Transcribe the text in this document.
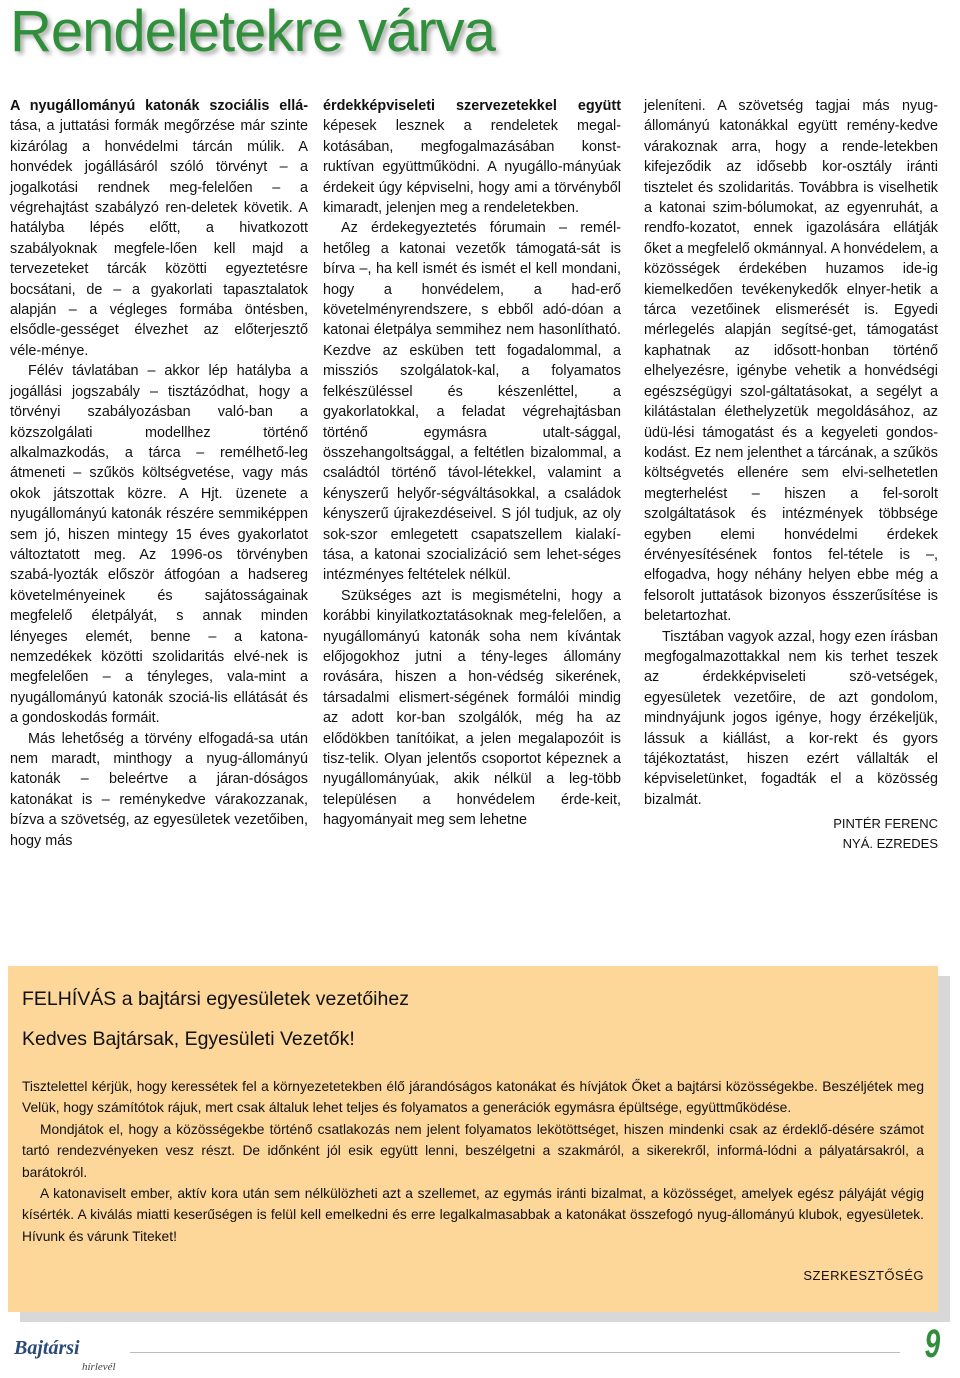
Rendeletekre várva

A nyugállományú katonák szociális ellá- tása, a juttatási formák megőrzése már szinte kizárólag a honvédelmi tárcán múlik. A honvédek jogállásáról szóló törvényt – a jogalkotási rendnek meg-felelően – a végrehajtást szabályzó ren-deletek követik. A hatályba lépés előtt, a hivatkozott szabályoknak megfele-lően kell majd a tervezeteket tárcák közötti egyeztetésre bocsátani, de – a gyakorlati tapasztalatok alapján – a végleges formába öntésben, elsődle-gességet élvezhet az előterjesztő véle-ménye.

Félév távlatában – akkor lép hatályba a jogállási jogszabály – tisztázódhat, hogy a törvényi szabályozásban való-ban a közszolgálati modellhez történő alkalmazkodás, a tárca – remélhető-leg átmeneti – szűkös költségvetése, vagy más okok játszottak közre. A Hjt. üzenete a nyugállományú katonák részére semmiképpen sem jó, hiszen mintegy 15 éves gyakorlatot változtatott meg. Az 1996-os törvényben szabá-lyozták először átfogóan a hadsereg követelményeinek és sajátosságainak megfelelő életpályát, s annak minden lényeges elemét, benne – a katona-nemzedékek közötti szolidaritás elvé-nek is megfelelően – a tényleges, vala-mint a nyugállományú katonák szociá-lis ellátását és a gondoskodás formáit.

Más lehetőség a törvény elfogadá-sa után nem maradt, minthogy a nyug-állományú katonák – beleértve a járan-dóságos katonákat is – reménykedve várakozzanak, bízva a szövetség, az egyesületek vezetőiben, hogy más

érdekképviseleti szervezetekkel együtt képesek lesznek a rendeletek megal-kotásában, megfogalmazásában konst-ruktívan együttműködni. A nyugállo-mányúak érdekeit úgy képviselni, hogy ami a törvényből kimaradt, jelenjen meg a rendeletekben.

Az érdekegyeztetés fórumain – remél-hetőleg a katonai vezetők támogatá-sát is bírva –, ha kell ismét és ismét el kell mondani, hogy a honvédelem, a had-erő követelményrendszere, s ebből adó-dóan a katonai életpálya semmihez nem hasonlítható. Kezdve az esküben tett fogadalommal, a missziós szolgálatok-kal, a folyamatos felkészüléssel és készenléttel, a gyakorlatokkal, a feladat végrehajtásban történő egymásra utalt-sággal, összehangoltsággal, a feltétlen bizalommal, a családtól történő távol-létekkel, valamint a kényszerű helyőr-ségváltásokkal, a családok kényszerű újrakezdéseivel. S jól tudjuk, az oly sok-szor emlegetett csapatszellem kialakí-tása, a katonai szocializáció sem lehet-séges intézményes feltételek nélkül.

Szükséges azt is megismételni, hogy a korábbi kinyilatkoztatásoknak meg-felelően, a nyugállományú katonák soha nem kívántak előjogokhoz jutni a tény-leges állomány rovására, hiszen a hon-védség sikerének, társadalmi elismert-ségének formálói mindig az adott kor-ban szolgálók, még ha az elődökben tanítóikat, a jelen megalapozóit is tisz-telik. Olyan jelentős csoportot képeznek a nyugállományúak, akik nélkül a leg-több településen a honvédelem érde-keit, hagyományait meg sem lehetne

jeleníteni. A szövetség tagjai más nyug-állományú katonákkal együtt remény-kedve várakoznak arra, hogy a rende-letekben kifejeződik az idősebb kor-osztály iránti tisztelet és szolidaritás. Továbbra is viselhetik a katonai szim-bólumokat, az egyenruhát, a rendfo-kozatot, ennek igazolására ellátják őket a megfelelő okmánnyal. A honvédelem, a közösségek érdekében huzamos ide-ig kiemelkedően tevékenykedők elnyer-hetik a tárca vezetőinek elismerését is. Egyedi mérlegelés alapján segítsé-get, támogatást kaphatnak az idősott-honban történő elhelyezésre, igénybe vehetik a honvédségi egészségügyi szol-gáltatásokat, a segélyt a kilátástalan élethelyzetük megoldásához, az üdü-lési támogatást és a kegyeleti gondos-kodást. Ez nem jelenthet a tárcának, a szűkös költségvetés ellenére sem elvi-selhetetlen megterhelést – hiszen a fel-sorolt szolgáltatások és intézmények többsége egyben elemi honvédelmi érdekek érvényesítésének fontos fel-tétele is –, elfogadva, hogy néhány helyen ebbe még a felsorolt juttatások bizonyos ésszerűsítése is beletartozhat.

Tisztában vagyok azzal, hogy ezen írásban megfogalmazottakkal nem kis terhet teszek az érdekképviseleti szö-vetségek, egyesületek vezetőire, de azt gondolom, mindnyájunk jogos igénye, hogy érzékeljük, lássuk a kiállást, a kor-rekt és gyors tájékoztatást, hiszen ezért vállalták el képviseletünket, fogadták el a közösség bizalmát.

PINTÉR FERENC
NYÁ. EZREDES
FELHÍVÁS a bajtársi egyesületek vezetőihez
Kedves Bajtársak, Egyesületi Vezetők!

Tisztelettel kérjük, hogy keressétek fel a környezetetekben élő járandóságos katonákat és hívjátok Őket a bajtársi közösségekbe. Beszéljétek meg Velük, hogy számítótok rájuk, mert csak általuk lehet teljes és folyamatos a generációk egymásra épültsége, együttműködése.

Mondjátok el, hogy a közösségekbe történő csatlakozás nem jelent folyamatos lekötöttséget, hiszen mindenki csak az érdeklő-désére számot tartó rendezvényeken vesz részt. De időnként jól esik együtt lenni, beszélgetni a szakmáról, a sikerekről, informá-lódni a pályatársakról, a barátokról.

A katonaviselt ember, aktív kora után sem nélkülözheti azt a szellemet, az egymás iránti bizalmat, a közösséget, amelyek egész pályáját végig kísérték. A kiválás miatti keserűségen is felül kell emelkedni és erre legalkalmasabbak a katonákat összefogó nyug-állományú klubok, egyesületek. Hívunk és várunk Titeket!

SZERKESZTŐSÉG
Bajtársi
hírlevél
9
